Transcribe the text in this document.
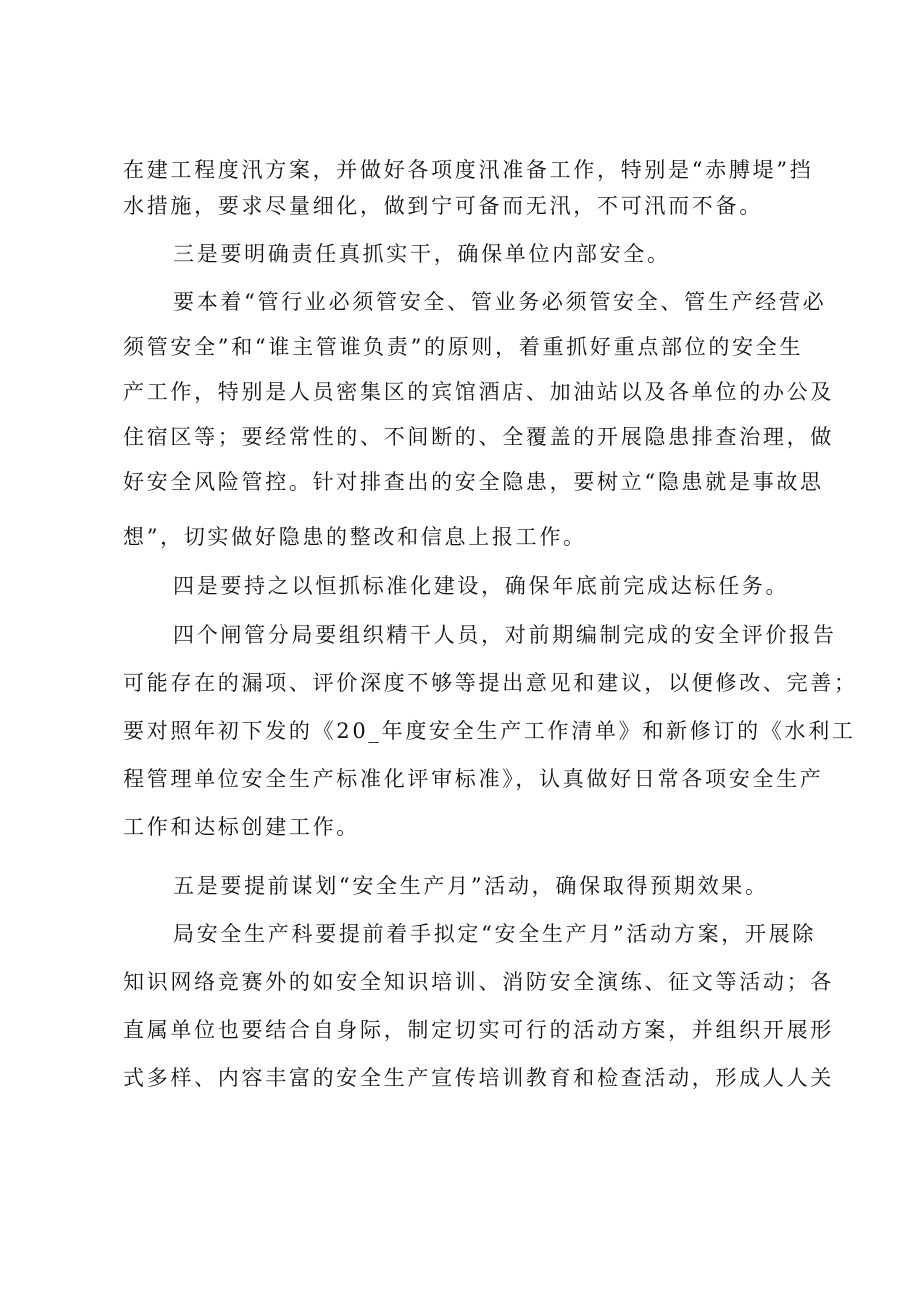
在建工程度汛方案，并做好各项度汛准备工作，特别是“赤膊堤”挡
水措施，要求尽量细化，做到宁可备而无汛，不可汛而不备。
三是要明确责任真抓实干，确保单位内部安全。
要本着“管行业必须管安全、管业务必须管安全、管生产经营必
须管安全”和“谁主管谁负责”的原则，着重抓好重点部位的安全生
产工作，特别是人员密集区的宾馆酒店、加油站以及各单位的办公及
住宿区等；要经常性的、不间断的、全覆盖的开展隐患排查治理，做
好安全风险管控。针对排查出的安全隐患，要树立“隐患就是事故思
想”，切实做好隐患的整改和信息上报工作。
四是要持之以恒抓标准化建设，确保年底前完成达标任务。
四个闸管分局要组织精干人员，对前期编制完成的安全评价报告
可能存在的漏项、评价深度不够等提出意见和建议，以便修改、完善；
要对照年初下发的《20_年度安全生产工作清单》和新修订的《水利工
程管理单位安全生产标准化评审标准》，认真做好日常各项安全生产
工作和达标创建工作。
五是要提前谋划“安全生产月”活动，确保取得预期效果。
局安全生产科要提前着手拟定“安全生产月”活动方案，开展除
知识网络竞赛外的如安全知识培训、消防安全演练、征文等活动；各
直属单位也要结合自身际，制定切实可行的活动方案，并组织开展形
式多样、内容丰富的安全生产宣传培训教育和检查活动，形成人人关
